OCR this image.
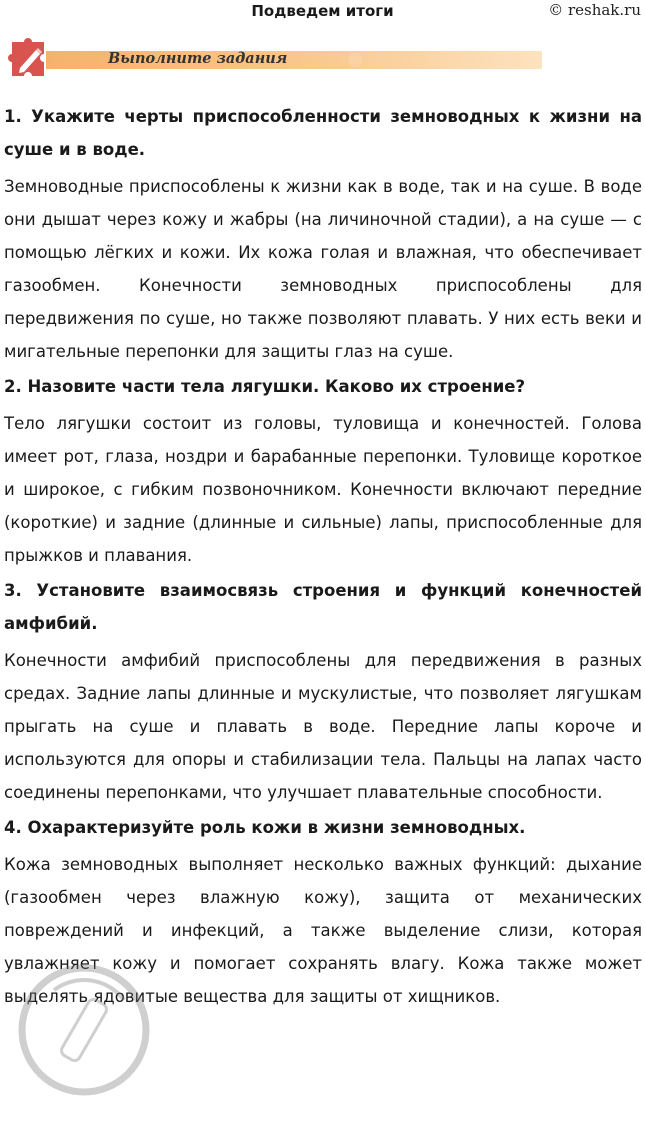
Подведем итоги	© reshak.ru
Выполните задания

1. Укажите черты приспособленности земноводных к жизни на суше и в воде.

Земноводные приспособлены к жизни как в воде, так и на суше. В воде они дышат через кожу и жабры (на личиночной стадии), а на суше — с помощью лёгких и кожи. Их кожа голая и влажная, что обеспечивает газообмен. Конечности земноводных приспособлены для передвижения по суше, но также позволяют плавать. У них есть веки и мигательные перепонки для защиты глаз на суше.

2. Назовите части тела лягушки. Каково их строение?

Тело лягушки состоит из головы, туловища и конечностей. Голова имеет рот, глаза, ноздри и барабанные перепонки. Туловище короткое и широкое, с гибким позвоночником. Конечности включают передние (короткие) и задние (длинные и сильные) лапы, приспособленные для прыжков и плавания.

3. Установите взаимосвязь строения и функций конечностей амфибий.

Конечности амфибий приспособлены для передвижения в разных средах. Задние лапы длинные и мускулистые, что позволяет лягушкам прыгать на суше и плавать в воде. Передние лапы короче и используются для опоры и стабилизации тела. Пальцы на лапах часто соединены перепонками, что улучшает плавательные способности.

4. Охарактеризуйте роль кожи в жизни земноводных.

Кожа земноводных выполняет несколько важных функций: дыхание (газообмен через влажную кожу), защита от механических повреждений и инфекций, а также выделение слизи, которая увлажняет кожу и помогает сохранять влагу. Кожа также может выделять ядовитые вещества для защиты от хищников.
